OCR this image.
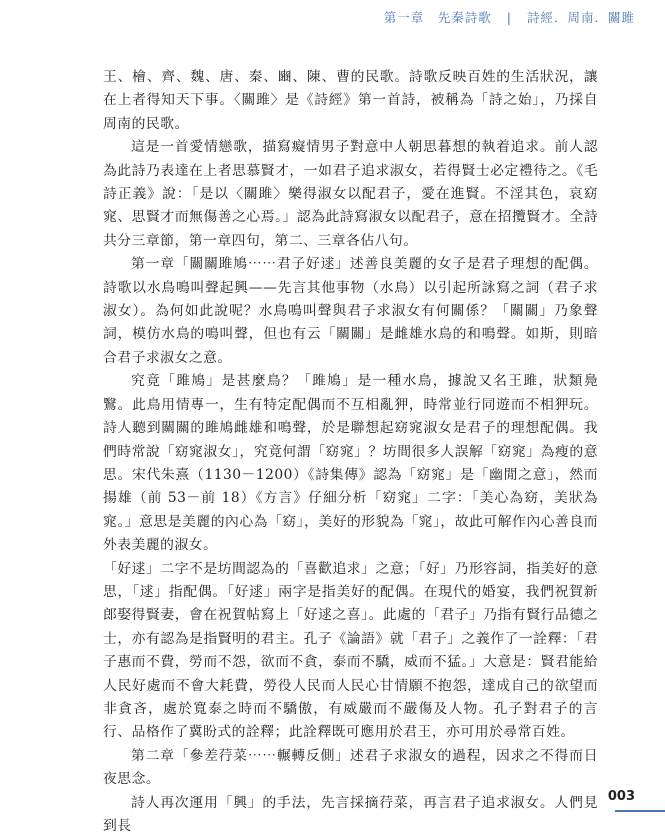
第一章　先秦詩歌 | 詩經．周南．關雎

王、檜、齊、魏、唐、秦、豳、陳、曹的民歌。詩歌反映百姓的生活狀況，讓在上者得知天下事。〈關雎〉是《詩經》第一首詩，被稱為「詩之始」，乃採自周南的民歌。

這是一首愛情戀歌，描寫癡情男子對意中人朝思暮想的執着追求。前人認為此詩乃表達在上者思慕賢才，一如君子追求淑女，若得賢士必定禮待之。《毛詩正義》說：「是以〈關雎〉樂得淑女以配君子，愛在進賢。不淫其色，哀窈窕、思賢才而無傷善之心焉。」認為此詩寫淑女以配君子，意在招攬賢才。全詩共分三章節，第一章四句，第二、三章各佔八句。

第一章「關關雎鳩⋯⋯君子好逑」述善良美麗的女子是君子理想的配偶。詩歌以水鳥鳴叫聲起興——先言其他事物（水鳥）以引起所詠寫之詞（君子求淑女）。為何如此說呢？水鳥鳴叫聲與君子求淑女有何關係？「關關」乃象聲詞，模仿水鳥的鳴叫聲，但也有云「關關」是雌雄水鳥的和鳴聲。如斯，則暗合君子求淑女之意。

究竟「雎鳩」是甚麼鳥？「雎鳩」是一種水鳥，據說又名王雎，狀類鳧鷖。此鳥用情專一，生有特定配偶而不互相亂狎，時常並行同遊而不相狎玩。詩人聽到關關的雎鳩雌雄和鳴聲，於是聯想起窈窕淑女是君子的理想配偶。我們時常說「窈窕淑女」，究竟何謂「窈窕」？坊間很多人誤解「窈窕」為瘦的意思。宋代朱熹（1130－1200）《詩集傳》認為「窈窕」是「幽閒之意」，然而揚雄（前 53－前 18）《方言》仔細分析「窈窕」二字：「美心為窈，美狀為窕。」意思是美麗的內心為「窈」，美好的形貌為「窕」，故此可解作內心善良而外表美麗的淑女。

「好逑」二字不是坊間認為的「喜歡追求」之意；「好」乃形容詞，指美好的意思，「逑」指配偶。「好逑」兩字是指美好的配偶。在現代的婚宴，我們祝賀新郎娶得賢妻，會在祝賀帖寫上「好逑之喜」。此處的「君子」乃指有賢行品德之士，亦有認為是指賢明的君主。孔子《論語》就「君子」之義作了一詮釋：「君子惠而不費，勞而不怨，欲而不貪，泰而不驕，威而不猛。」大意是：賢君能給人民好處而不會大耗費，勞役人民而人民心甘情願不抱怨，達成自己的欲望而非貪吝，處於寬泰之時而不驕傲，有威嚴而不嚴傷及人物。孔子對君子的言行、品格作了冀盼式的詮釋；此詮釋既可應用於君王，亦可用於尋常百姓。

第二章「參差荇菜⋯⋯輾轉反側」述君子求淑女的過程，因求之不得而日夜思念。

詩人再次運用「興」的手法，先言採摘荇菜，再言君子追求淑女。人們見到長

003
